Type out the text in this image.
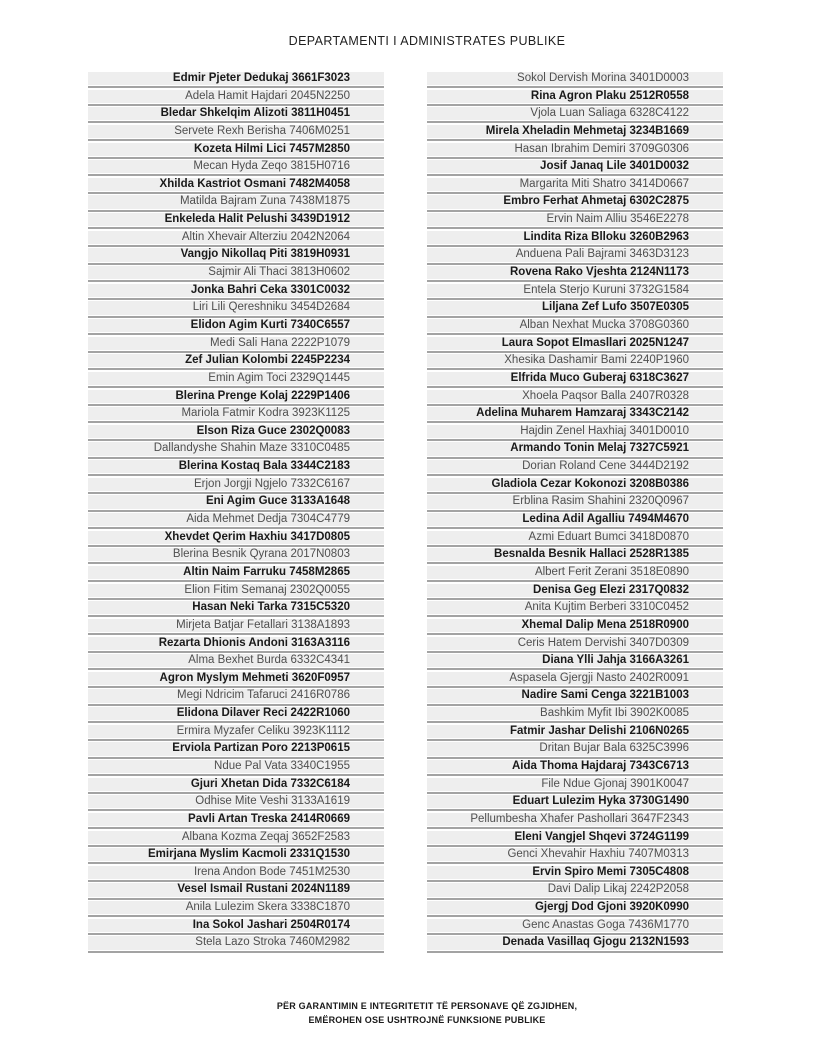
DEPARTAMENTI I ADMINISTRATES PUBLIKE
Edmir Pjeter Dedukaj 3661F3023
Adela Hamit Hajdari 2045N2250
Bledar Shkelqim Alizoti 3811H0451
Servete Rexh Berisha 7406M0251
Kozeta Hilmi Lici 7457M2850
Mecan Hyda Zeqo 3815H0716
Xhilda Kastriot Osmani 7482M4058
Matilda Bajram Zuna 7438M1875
Enkeleda Halit Pelushi 3439D1912
Altin Xhevair Alterziu 2042N2064
Vangjo Nikollaq Piti 3819H0931
Sajmir Ali Thaci 3813H0602
Jonka Bahri Ceka 3301C0032
Liri Lili Qereshniku 3454D2684
Elidon Agim Kurti 7340C6557
Medi Sali Hana 2222P1079
Zef Julian Kolombi 2245P2234
Emin Agim Toci 2329Q1445
Blerina Prenge Kolaj 2229P1406
Mariola Fatmir Kodra 3923K1125
Elson Riza Guce 2302Q0083
Dallandyshe Shahin Maze 3310C0485
Blerina Kostaq Bala 3344C2183
Erjon Jorgji Ngjelo 7332C6167
Eni Agim Guce 3133A1648
Aida Mehmet Dedja 7304C4779
Xhevdet Qerim Haxhiu 3417D0805
Blerina Besnik Qyrana 2017N0803
Altin Naim Farruku 7458M2865
Elion Fitim Semanaj 2302Q0055
Hasan Neki Tarka 7315C5320
Mirjeta Batjar Fetallari 3138A1893
Rezarta Dhionis Andoni 3163A3116
Alma Bexhet Burda 6332C4341
Agron Myslym Mehmeti 3620F0957
Megi Ndricim Tafaruci 2416R0786
Elidona Dilaver Reci 2422R1060
Ermira Myzafer Celiku 3923K1112
Erviola Partizan Poro 2213P0615
Ndue Pal Vata 3340C1955
Gjuri Xhetan Dida 7332C6184
Odhise Mite Veshi 3133A1619
Pavli Artan Treska 2414R0669
Albana Kozma Zeqaj 3652F2583
Emirjana Myslim Kacmoli 2331Q1530
Irena Andon Bode 7451M2530
Vesel Ismail Rustani 2024N1189
Anila Lulezim Skera 3338C1870
Ina Sokol Jashari 2504R0174
Stela Lazo Stroka 7460M2982
Sokol Dervish Morina 3401D0003
Rina Agron Plaku 2512R0558
Vjola Luan Saliaga 6328C4122
Mirela Xheladin Mehmetaj 3234B1669
Hasan Ibrahim Demiri 3709G0306
Josif Janaq Lile 3401D0032
Margarita Miti Shatro 3414D0667
Embro Ferhat Ahmetaj 6302C2875
Ervin Naim Alliu 3546E2278
Lindita Riza Blloku 3260B2963
Anduena Pali Bajrami 3463D3123
Rovena Rako Vjeshta 2124N1173
Entela Sterjo Kuruni 3732G1584
Liljana Zef Lufo 3507E0305
Alban Nexhat Mucka 3708G0360
Laura Sopot Elmasllari 2025N1247
Xhesika Dashamir Bami 2240P1960
Elfrida Muco Guberaj 6318C3627
Xhoela Paqsor Balla 2407R0328
Adelina Muharem Hamzaraj 3343C2142
Hajdin Zenel Haxhiaj 3401D0010
Armando Tonin Melaj 7327C5921
Dorian Roland Cene 3444D2192
Gladiola Cezar Kokonozi 3208B0386
Erblina Rasim Shahini 2320Q0967
Ledina Adil Agalliu 7494M4670
Azmi Eduart Bumci 3418D0870
Besnalda Besnik Hallaci 2528R1385
Albert Ferit Zerani 3518E0890
Denisa Geg Elezi 2317Q0832
Anita Kujtim Berberi 3310C0452
Xhemal Dalip Mena 2518R0900
Ceris Hatem Dervishi 3407D0309
Diana Ylli Jahja 3166A3261
Aspasela Gjergji Nasto 2402R0091
Nadire Sami Cenga 3221B1003
Bashkim Myfit Ibi 3902K0085
Fatmir Jashar Delishi 2106N0265
Dritan Bujar Bala 6325C3996
Aida Thoma Hajdaraj 7343C6713
File Ndue Gjonaj 3901K0047
Eduart Lulezim Hyka 3730G1490
Pellumbesha Xhafer Pashollari 3647F2343
Eleni Vangjel Shqevi 3724G1199
Genci Xhevahir Haxhiu 7407M0313
Ervin Spiro Memi 7305C4808
Davi Dalip Likaj 2242P2058
Gjergj Dod Gjoni 3920K0990
Genc Anastas Goga 7436M1770
Denada Vasillaq Gjogu 2132N1593
PËR GARANTIMIN E INTEGRITETIT TË PERSONAVE QË ZGJIDHEN,
EMËROHEN OSE USHTROJNË FUNKSIONE PUBLIKE
